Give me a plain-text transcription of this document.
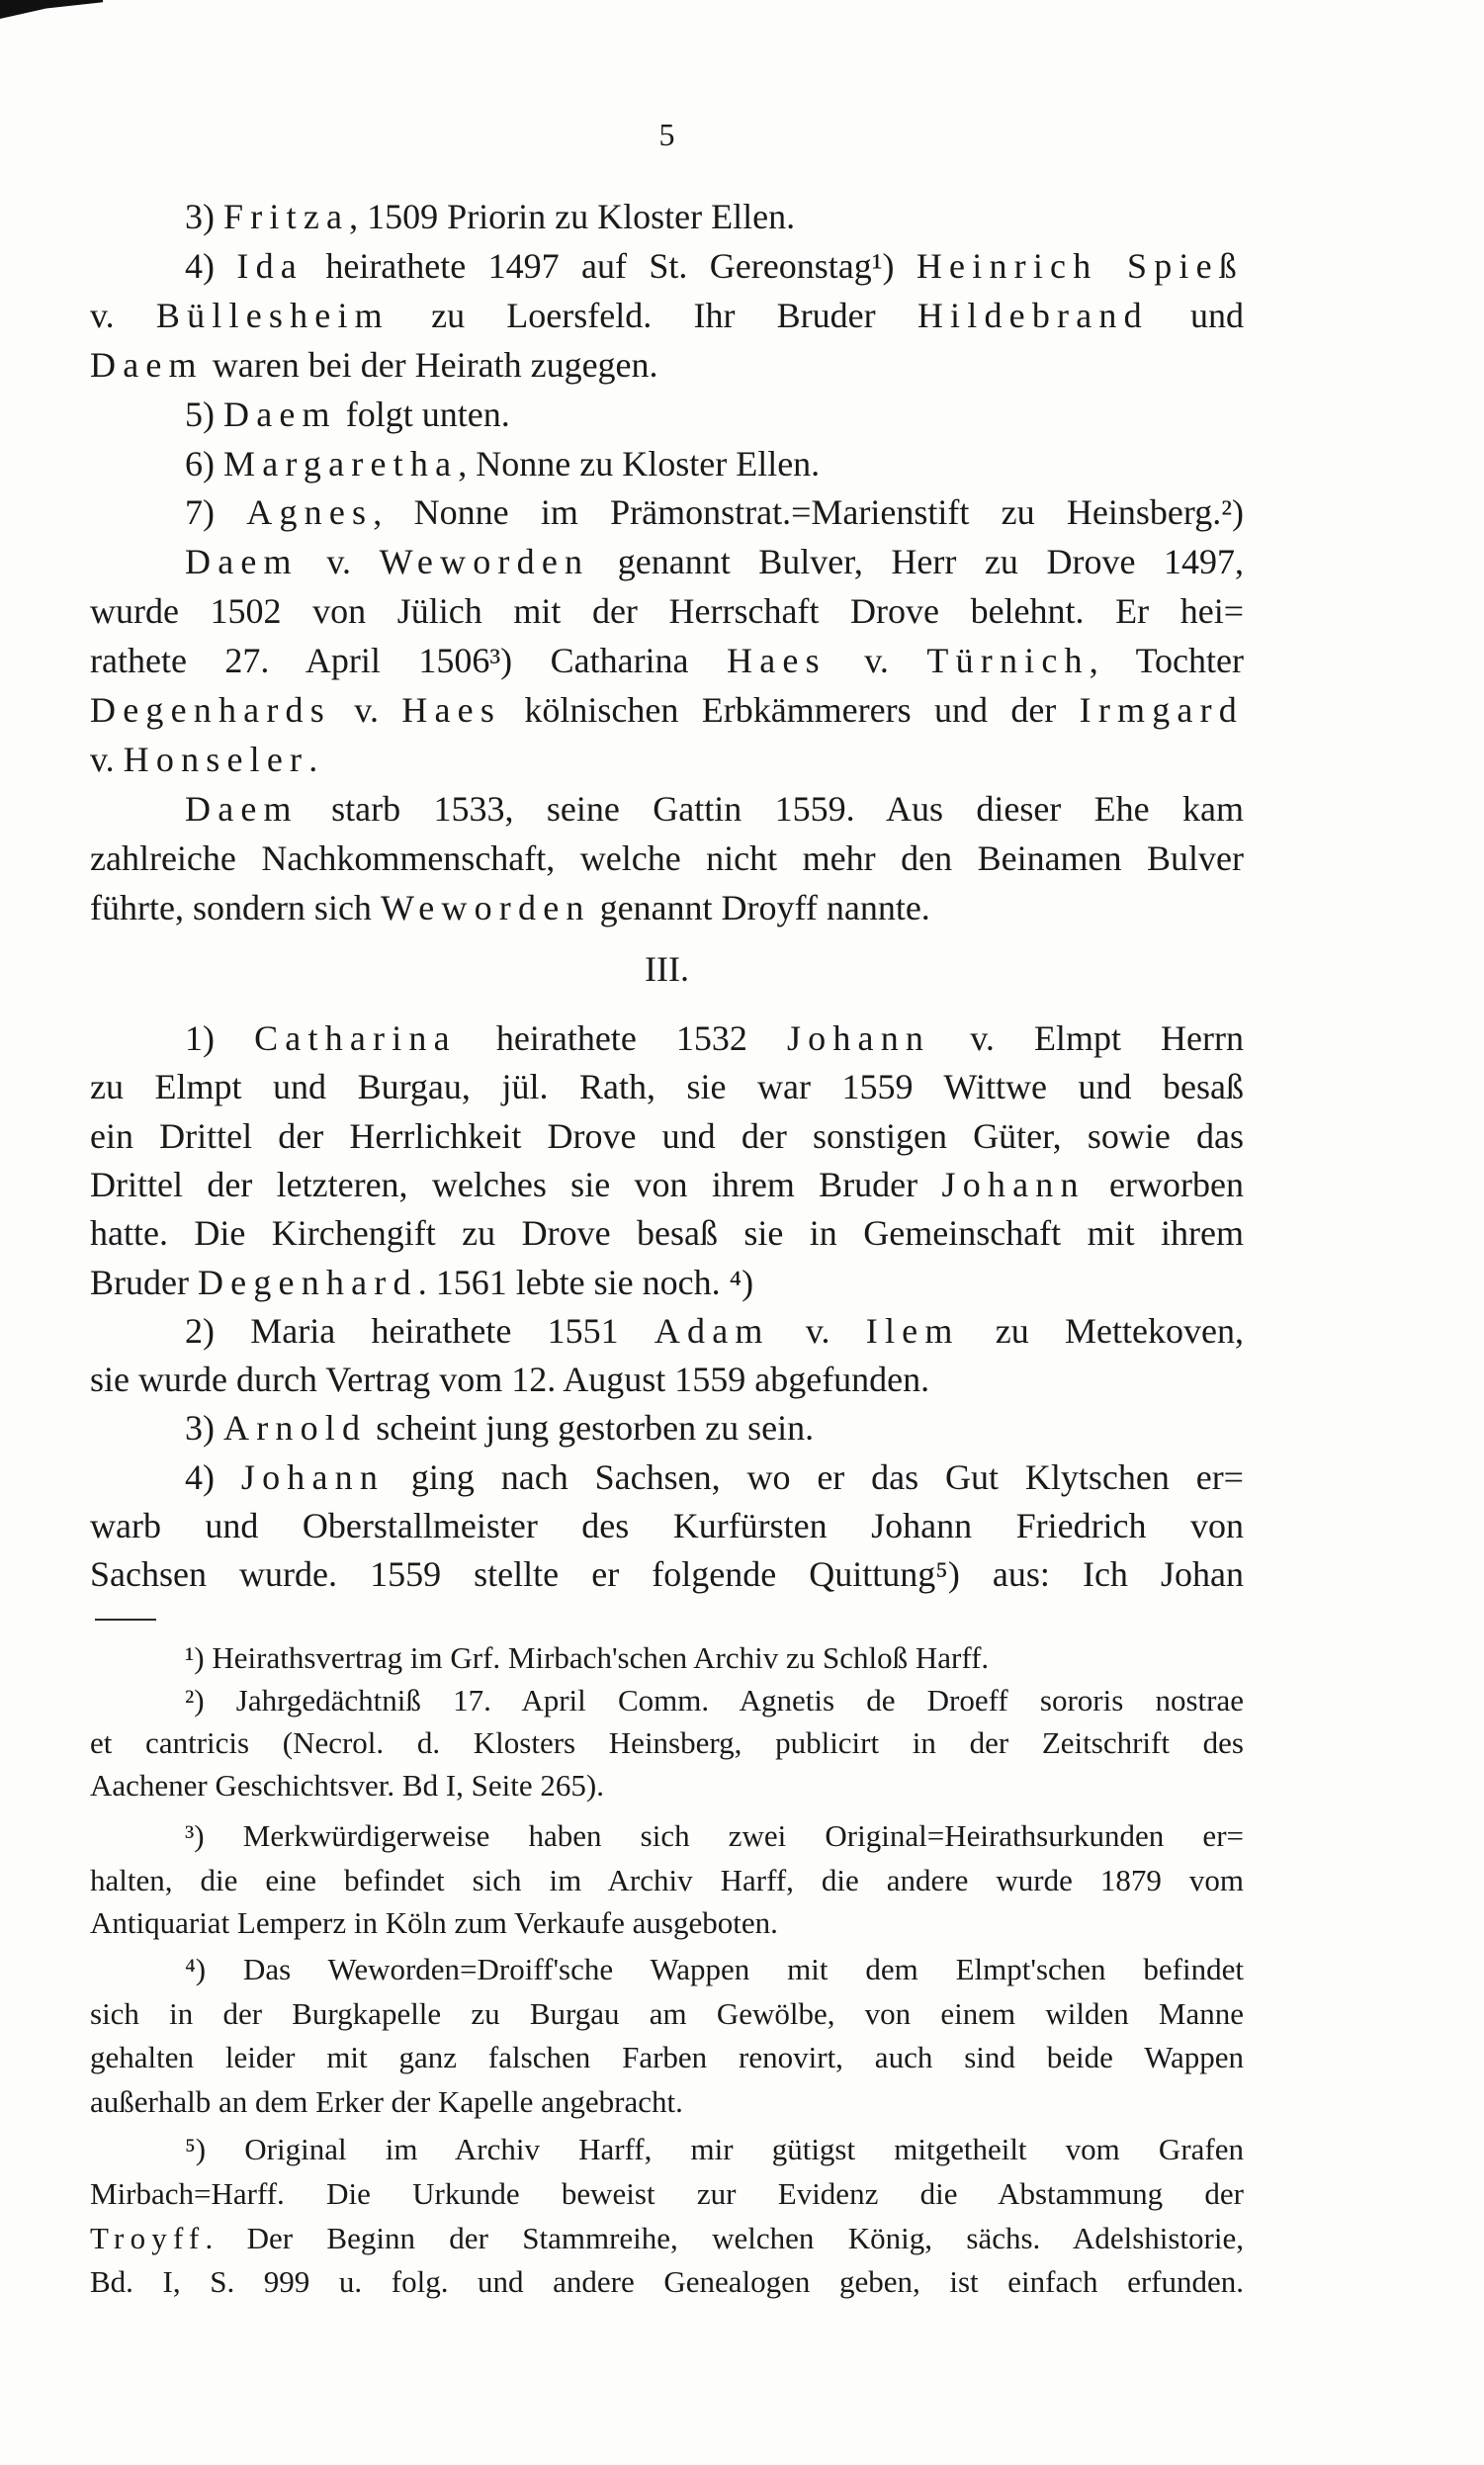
5
3) Fritza, 1509 Priorin zu Kloster Ellen.
4) Ida heirathete 1497 auf St. Gereonstag¹) Heinrich Spieß
v. Büllesheim zu Loersfeld. Ihr Bruder Hildebrand und
Daem waren bei der Heirath zugegen.
5) Daem folgt unten.
6) Margaretha, Nonne zu Kloster Ellen.
7) Agnes, Nonne im Prämonstrat.=Marienstift zu Heinsberg.²)
Daem v. Weworden genannt Bulver, Herr zu Drove 1497,
wurde 1502 von Jülich mit der Herrschaft Drove belehnt. Er hei=
rathete 27. April 1506³) Catharina Haes v. Türnich, Tochter
Degenhards v. Haes kölnischen Erbkämmerers und der Irmgard
v. Honseler.
Daem starb 1533, seine Gattin 1559. Aus dieser Ehe kam
zahlreiche Nachkommenschaft, welche nicht mehr den Beinamen Bulver
führte, sondern sich Weworden genannt Droyff nannte.
III.
1) Catharina heirathete 1532 Johann v. Elmpt Herrn
zu Elmpt und Burgau, jül. Rath, sie war 1559 Wittwe und besaß
ein Drittel der Herrlichkeit Drove und der sonstigen Güter, sowie das
Drittel der letzteren, welches sie von ihrem Bruder Johann erworben
hatte. Die Kirchengift zu Drove besaß sie in Gemeinschaft mit ihrem
Bruder Degenhard. 1561 lebte sie noch. ⁴)
2) Maria heirathete 1551 Adam v. Ilem zu Mettekoven,
sie wurde durch Vertrag vom 12. August 1559 abgefunden.
3) Arnold scheint jung gestorben zu sein.
4) Johann ging nach Sachsen, wo er das Gut Klytschen er=
warb und Oberstallmeister des Kurfürsten Johann Friedrich von
Sachsen wurde. 1559 stellte er folgende Quittung⁵) aus: Ich Johan
¹) Heirathsvertrag im Grf. Mirbach'schen Archiv zu Schloß Harff.
²) Jahrgedächtniß 17. April Comm. Agnetis de Droeff sororis nostrae
et cantricis (Necrol. d. Klosters Heinsberg, publicirt in der Zeitschrift des
Aachener Geschichtsver. Bd I, Seite 265).
³) Merkwürdigerweise haben sich zwei Original=Heirathsurkunden er=
halten, die eine befindet sich im Archiv Harff, die andere wurde 1879 vom
Antiquariat Lemperz in Köln zum Verkaufe ausgeboten.
⁴) Das Weworden=Droiff'sche Wappen mit dem Elmpt'schen befindet
sich in der Burgkapelle zu Burgau am Gewölbe, von einem wilden Manne
gehalten leider mit ganz falschen Farben renovirt, auch sind beide Wappen
außerhalb an dem Erker der Kapelle angebracht.
⁵) Original im Archiv Harff, mir gütigst mitgetheilt vom Grafen
Mirbach=Harff. Die Urkunde beweist zur Evidenz die Abstammung der
Troyff. Der Beginn der Stammreihe, welchen König, sächs. Adelshistorie,
Bd. I, S. 999 u. folg. und andere Genealogen geben, ist einfach erfunden.
